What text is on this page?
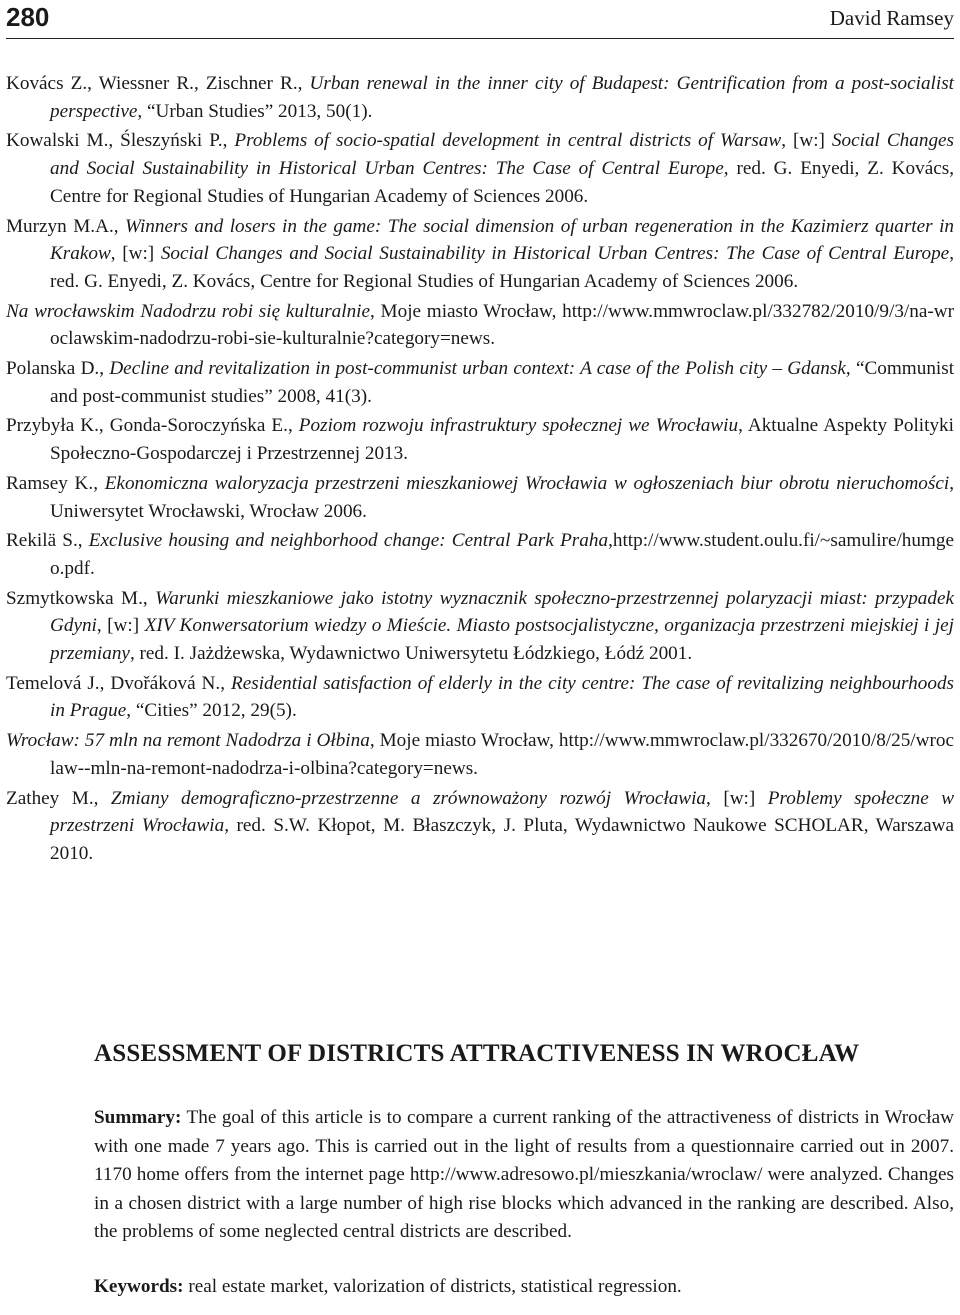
280	David Ramsey

Kovács Z., Wiessner R., Zischner R., Urban renewal in the inner city of Budapest: Gentrification from a post-socialist perspective, “Urban Studies” 2013, 50(1).

Kowalski M., Śleszyński P., Problems of socio-spatial development in central districts of Warsaw, [w:] Social Changes and Social Sustainability in Historical Urban Centres: The Case of Central Europe, red. G. Enyedi, Z. Kovács, Centre for Regional Studies of Hungarian Academy of Sciences 2006.

Murzyn M.A., Winners and losers in the game: The social dimension of urban regeneration in the Kazimierz quarter in Krakow, [w:] Social Changes and Social Sustainability in Historical Urban Centres: The Case of Central Europe, red. G. Enyedi, Z. Kovács, Centre for Regional Studies of Hungarian Academy of Sciences 2006.

Na wrocławskim Nadodrzu robi się kulturalnie, Moje miasto Wrocław, http://www.mmwroclaw.pl/332782/2010/9/3/na-wroclawskim-nadodrzu-robi-sie-kulturalnie?category=news.

Polanska D., Decline and revitalization in post-communist urban context: A case of the Polish city – Gdansk, “Communist and post-communist studies” 2008, 41(3).

Przybyła K., Gonda-Soroczyńska E., Poziom rozwoju infrastruktury społecznej we Wrocławiu, Aktualne Aspekty Polityki Społeczno-Gospodarczej i Przestrzennej 2013.

Ramsey K., Ekonomiczna waloryzacja przestrzeni mieszkaniowej Wrocławia w ogłoszeniach biur obrotu nieruchomości, Uniwersytet Wrocławski, Wrocław 2006.

Rekilä S., Exclusive housing and neighborhood change: Central Park Praha,http://www.student.oulu.fi/~samulire/humgeo.pdf.

Szmytkowska M., Warunki mieszkaniowe jako istotny wyznacznik społeczno-przestrzennej polaryzacji miast: przypadek Gdyni, [w:] XIV Konwersatorium wiedzy o Mieście. Miasto postsocjalistyczne, organizacja przestrzeni miejskiej i jej przemiany, red. I. Jażdżewska, Wydawnictwo Uniwersytetu Łódzkiego, Łódź 2001.

Temelová J., Dvořáková N., Residential satisfaction of elderly in the city centre: The case of revitalizing neighbourhoods in Prague, “Cities” 2012, 29(5).

Wrocław: 57 mln na remont Nadodrza i Ołbina, Moje miasto Wrocław, http://www.mmwroclaw.pl/332670/2010/8/25/wroclaw--mln-na-remont-nadodrza-i-olbina?category=news.

Zathey M., Zmiany demograficzno-przestrzenne a zrównoważony rozwój Wrocławia, [w:] Problemy społeczne w przestrzeni Wrocławia, red. S.W. Kłopot, M. Błaszczyk, J. Pluta, Wydawnictwo Naukowe SCHOLAR, Warszawa 2010.

ASSESSMENT OF DISTRICTS ATTRACTIVENESS IN WROCŁAW

Summary: The goal of this article is to compare a current ranking of the attractiveness of districts in Wrocław with one made 7 years ago. This is carried out in the light of results from a questionnaire carried out in 2007. 1170 home offers from the internet page http://www.adresowo.pl/mieszkania/wroclaw/ were analyzed. Changes in a chosen district with a large number of high rise blocks which advanced in the ranking are described. Also, the problems of some neglected central districts are described.

Keywords: real estate market, valorization of districts, statistical regression.
